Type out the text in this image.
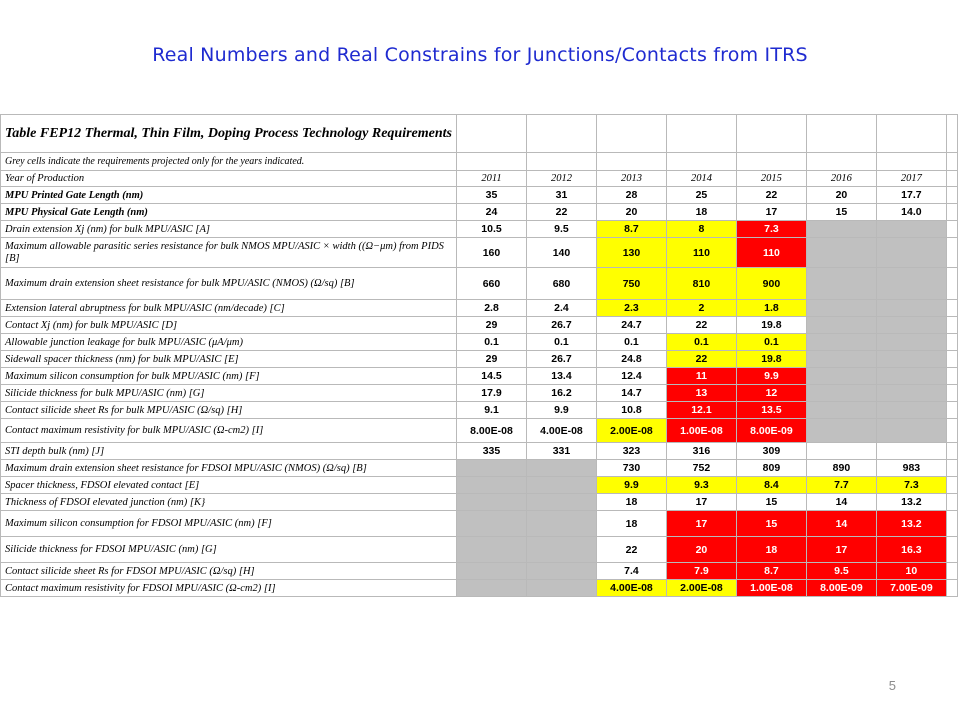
Real Numbers and Real Constrains for Junctions/Contacts from ITRS
Table FEP12 Thermal, Thin Film, Doping Process Technology Requirements								
Grey cells indicate the requirements projected only for the years indicated.								
Year of Production	2011	2012	2013	2014	2015	2016	2017	
MPU Printed Gate Length (nm)	35	31	28	25	22	20	17.7	
MPU Physical Gate Length (nm)	24	22	20	18	17	15	14.0	
Drain extension Xj (nm) for bulk MPU/ASIC [A]	10.5	9.5	8.7	8	7.3			
Maximum allowable parasitic series resistance for bulk NMOS MPU/ASIC × width ((Ω−μm) from PIDS [B]	160	140	130	110	110			
Maximum drain extension sheet resistance for bulk MPU/ASIC (NMOS) (Ω/sq) [B]	660	680	750	810	900			
Extension lateral abruptness for bulk MPU/ASIC (nm/decade) [C]	2.8	2.4	2.3	2	1.8			
Contact Xj (nm) for bulk MPU/ASIC [D]	29	26.7	24.7	22	19.8			
Allowable junction leakage for bulk MPU/ASIC (μA/μm)	0.1	0.1	0.1	0.1	0.1			
Sidewall spacer thickness (nm) for bulk MPU/ASIC [E]	29	26.7	24.8	22	19.8			
Maximum silicon consumption for bulk MPU/ASIC (nm) [F]	14.5	13.4	12.4	11	9.9			
Silicide thickness for bulk MPU/ASIC (nm) [G]	17.9	16.2	14.7	13	12			
Contact silicide sheet Rs for bulk MPU/ASIC (Ω/sq) [H]	9.1	9.9	10.8	12.1	13.5			
Contact maximum resistivity for bulk MPU/ASIC (Ω-cm2) [I]	8.00E-08	4.00E-08	2.00E-08	1.00E-08	8.00E-09			
STI depth bulk (nm) [J]	335	331	323	316	309			
Maximum drain extension sheet resistance for FDSOI MPU/ASIC (NMOS) (Ω/sq) [B]			730	752	809	890	983	
Spacer thickness, FDSOI elevated contact [E]			9.9	9.3	8.4	7.7	7.3	
Thickness of FDSOI elevated junction (nm) [K}			18	17	15	14	13.2	
Maximum silicon consumption for FDSOI MPU/ASIC (nm) [F]			18	17	15	14	13.2	
Silicide thickness for FDSOI MPU/ASIC (nm) [G]			22	20	18	17	16.3	
Contact silicide sheet Rs for FDSOI MPU/ASIC (Ω/sq) [H]			7.4	7.9	8.7	9.5	10	
Contact maximum resistivity for FDSOI MPU/ASIC (Ω-cm2) [I]			4.00E-08	2.00E-08	1.00E-08	8.00E-09	7.00E-09	
5
